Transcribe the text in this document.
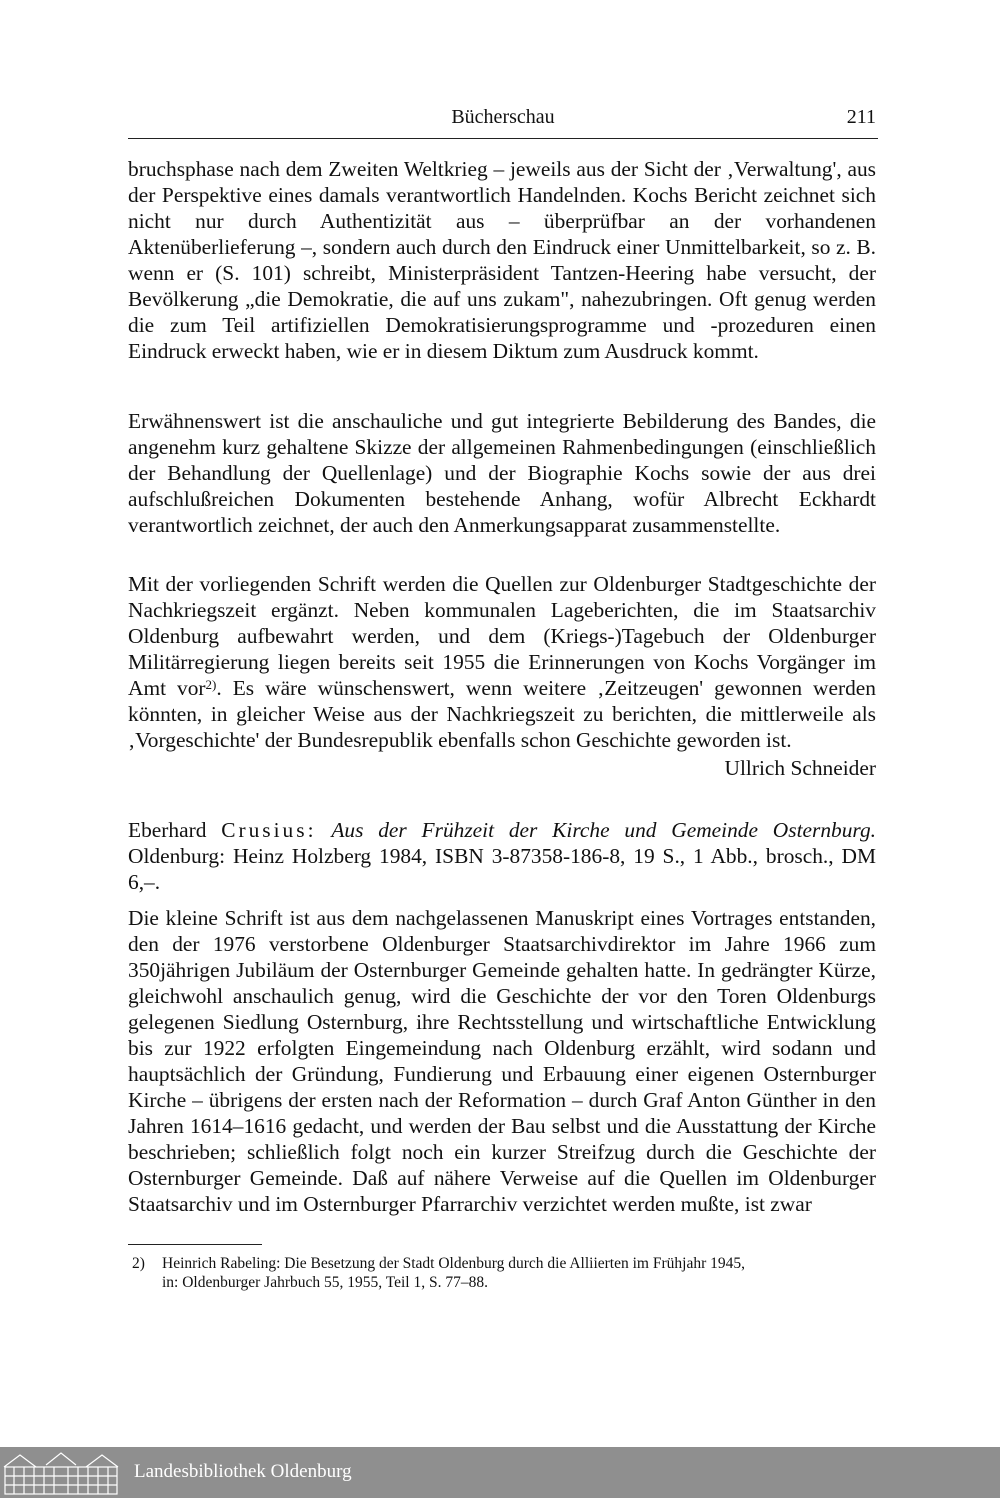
Bücherschau	211

bruchsphase nach dem Zweiten Weltkrieg – jeweils aus der Sicht der ‚Verwaltung', aus der Perspektive eines damals verantwortlich Handelnden. Kochs Bericht zeichnet sich nicht nur durch Authentizität aus – überprüfbar an der vorhandenen Aktenüberlieferung –, sondern auch durch den Eindruck einer Unmittelbarkeit, so z. B. wenn er (S. 101) schreibt, Ministerpräsident Tantzen-Heering habe versucht, der Bevölkerung „die Demokratie, die auf uns zukam", nahezubringen. Oft genug werden die zum Teil artifiziellen Demokratisierungsprogramme und -prozeduren einen Eindruck erweckt haben, wie er in diesem Diktum zum Ausdruck kommt.

Erwähnenswert ist die anschauliche und gut integrierte Bebilderung des Bandes, die angenehm kurz gehaltene Skizze der allgemeinen Rahmenbedingungen (einschließlich der Behandlung der Quellenlage) und der Biographie Kochs sowie der aus drei aufschlußreichen Dokumenten bestehende Anhang, wofür Albrecht Eckhardt verantwortlich zeichnet, der auch den Anmerkungsapparat zusammenstellte.

Mit der vorliegenden Schrift werden die Quellen zur Oldenburger Stadtgeschichte der Nachkriegszeit ergänzt. Neben kommunalen Lageberichten, die im Staatsarchiv Oldenburg aufbewahrt werden, und dem (Kriegs-)Tagebuch der Oldenburger Militärregierung liegen bereits seit 1955 die Erinnerungen von Kochs Vorgänger im Amt vor$^{2)}$. Es wäre wünschenswert, wenn weitere ‚Zeitzeugen' gewonnen werden könnten, in gleicher Weise aus der Nachkriegszeit zu berichten, die mittlerweile als ‚Vorgeschichte' der Bundesrepublik ebenfalls schon Geschichte geworden ist.

Ullrich Schneider

Eberhard Crusius: Aus der Frühzeit der Kirche und Gemeinde Osternburg. Oldenburg: Heinz Holzberg 1984, ISBN 3-87358-186-8, 19 S., 1 Abb., brosch., DM 6,–.

Die kleine Schrift ist aus dem nachgelassenen Manuskript eines Vortrages entstanden, den der 1976 verstorbene Oldenburger Staatsarchivdirektor im Jahre 1966 zum 350jährigen Jubiläum der Osternburger Gemeinde gehalten hatte. In gedrängter Kürze, gleichwohl anschaulich genug, wird die Geschichte der vor den Toren Oldenburgs gelegenen Siedlung Osternburg, ihre Rechtsstellung und wirtschaftliche Entwicklung bis zur 1922 erfolgten Eingemeindung nach Oldenburg erzählt, wird sodann und hauptsächlich der Gründung, Fundierung und Erbauung einer eigenen Osternburger Kirche – übrigens der ersten nach der Reformation – durch Graf Anton Günther in den Jahren 1614–1616 gedacht, und werden der Bau selbst und die Ausstattung der Kirche beschrieben; schließlich folgt noch ein kurzer Streifzug durch die Geschichte der Osternburger Gemeinde. Daß auf nähere Verweise auf die Quellen im Oldenburger Staatsarchiv und im Osternburger Pfarrarchiv verzichtet werden mußte, ist zwar

2) Heinrich Rabeling: Die Besetzung der Stadt Oldenburg durch die Alliierten im Frühjahr 1945,
in: Oldenburger Jahrbuch 55, 1955, Teil 1, S. 77–88.
Landesbibliothek Oldenburg
